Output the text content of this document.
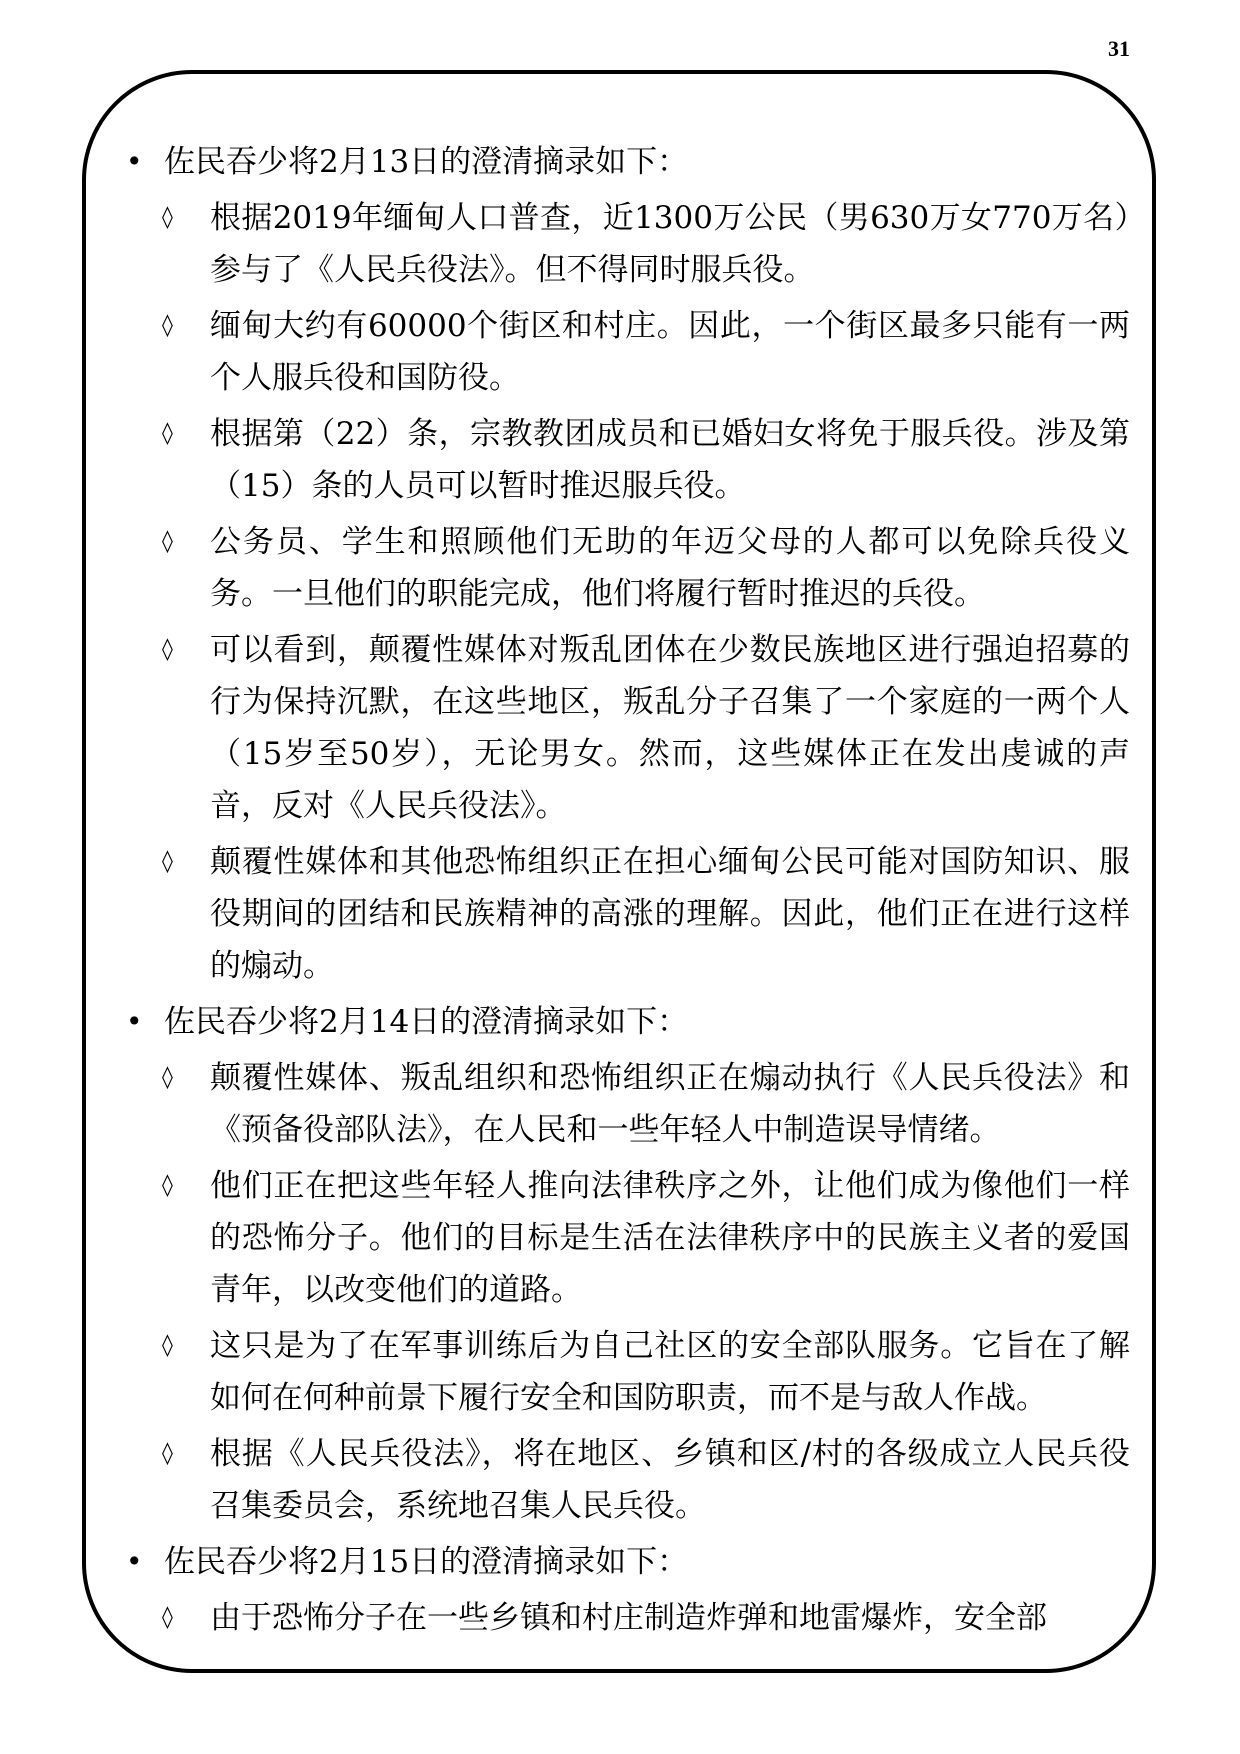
31
• 佐民吞少将2月13日的澄清摘录如下：
◊ 根据2019年缅甸人口普查，近1300万公民（男630万女770万名）参与了《人民兵役法》。但不得同时服兵役。
◊ 缅甸大约有60000个街区和村庄。因此，一个街区最多只能有一两个人服兵役和国防役。
◊ 根据第（22）条，宗教教团成员和已婚妇女将免于服兵役。涉及第（15）条的人员可以暂时推迟服兵役。
◊ 公务员、学生和照顾他们无助的年迈父母的人都可以免除兵役义务。一旦他们的职能完成，他们将履行暂时推迟的兵役。
◊ 可以看到，颠覆性媒体对叛乱团体在少数民族地区进行强迫招募的行为保持沉默，在这些地区，叛乱分子召集了一个家庭的一两个人（15岁至50岁），无论男女。然而，这些媒体正在发出虔诚的声音，反对《人民兵役法》。
◊ 颠覆性媒体和其他恐怖组织正在担心缅甸公民可能对国防知识、服役期间的团结和民族精神的高涨的理解。因此，他们正在进行这样的煽动。
• 佐民吞少将2月14日的澄清摘录如下：
◊ 颠覆性媒体、叛乱组织和恐怖组织正在煽动执行《人民兵役法》和《预备役部队法》，在人民和一些年轻人中制造误导情绪。
◊ 他们正在把这些年轻人推向法律秩序之外，让他们成为像他们一样的恐怖分子。他们的目标是生活在法律秩序中的民族主义者的爱国青年，以改变他们的道路。
◊ 这只是为了在军事训练后为自己社区的安全部队服务。它旨在了解如何在何种前景下履行安全和国防职责，而不是与敌人作战。
◊ 根据《人民兵役法》，将在地区、乡镇和区/村的各级成立人民兵役召集委员会，系统地召集人民兵役。
• 佐民吞少将2月15日的澄清摘录如下：
◊ 由于恐怖分子在一些乡镇和村庄制造炸弹和地雷爆炸，安全部
